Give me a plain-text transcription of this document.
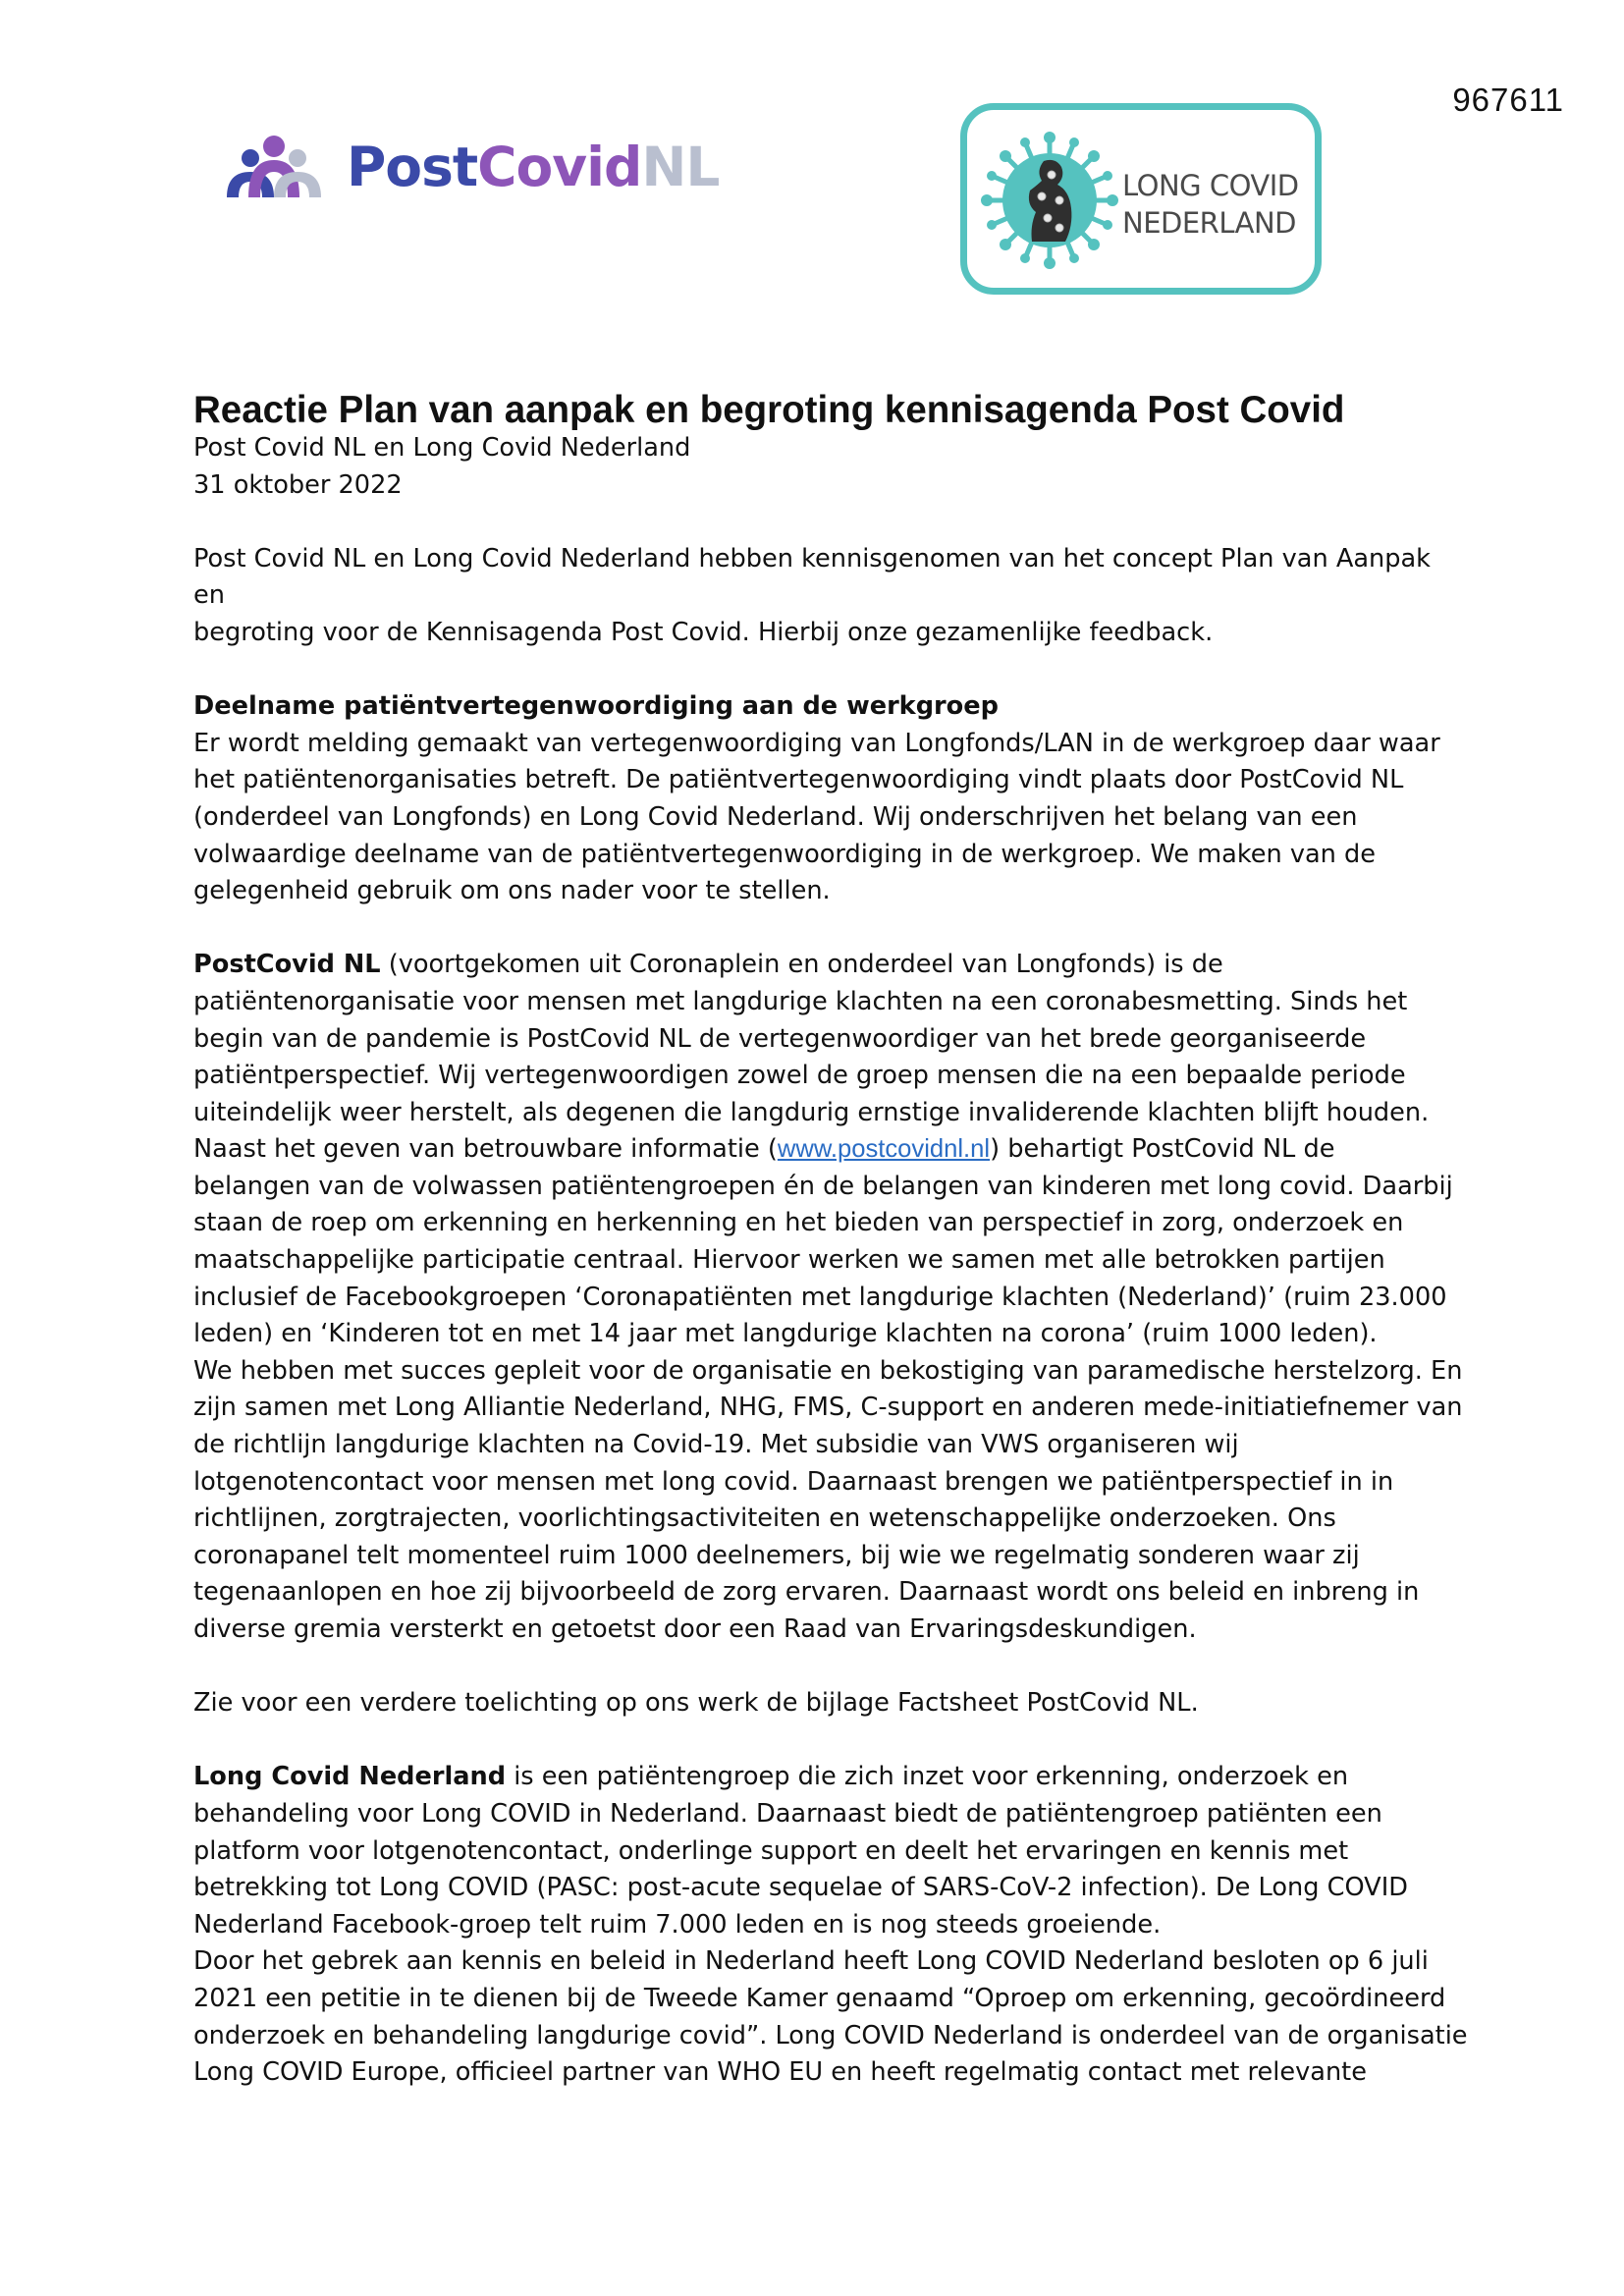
967611
PostCovidNL	LONG COVID
NEDERLAND
Reactie Plan van aanpak en begroting kennisagenda Post Covid

Post Covid NL en Long Covid Nederland
31 oktober 2022

Post Covid NL en Long Covid Nederland hebben kennisgenomen van het concept Plan van Aanpak en
begroting voor de Kennisagenda Post Covid. Hierbij onze gezamenlijke feedback.

Deelname patiëntvertegenwoordiging aan de werkgroep
Er wordt melding gemaakt van vertegenwoordiging van Longfonds/LAN in de werkgroep daar waar
het patiëntenorganisaties betreft. De patiëntvertegenwoordiging vindt plaats door PostCovid NL
(onderdeel van Longfonds) en Long Covid Nederland. Wij onderschrijven het belang van een
volwaardige deelname van de patiëntvertegenwoordiging in de werkgroep. We maken van de
gelegenheid gebruik om ons nader voor te stellen.

PostCovid NL (voortgekomen uit Coronaplein en onderdeel van Longfonds) is de
patiëntenorganisatie voor mensen met langdurige klachten na een coronabesmetting. Sinds het
begin van de pandemie is PostCovid NL de vertegenwoordiger van het brede georganiseerde
patiëntperspectief. Wij vertegenwoordigen zowel de groep mensen die na een bepaalde periode
uiteindelijk weer herstelt, als degenen die langdurig ernstige invaliderende klachten blijft houden.
Naast het geven van betrouwbare informatie (www.postcovidnl.nl) behartigt PostCovid NL de
belangen van de volwassen patiëntengroepen én de belangen van kinderen met long covid. Daarbij
staan de roep om erkenning en herkenning en het bieden van perspectief in zorg, onderzoek en
maatschappelijke participatie centraal. Hiervoor werken we samen met alle betrokken partijen
inclusief de Facebookgroepen ‘Coronapatiënten met langdurige klachten (Nederland)’ (ruim 23.000
leden) en ‘Kinderen tot en met 14 jaar met langdurige klachten na corona’ (ruim 1000 leden).
We hebben met succes gepleit voor de organisatie en bekostiging van paramedische herstelzorg. En
zijn samen met Long Alliantie Nederland, NHG, FMS, C-support en anderen mede-initiatiefnemer van
de richtlijn langdurige klachten na Covid-19. Met subsidie van VWS organiseren wij
lotgenotencontact voor mensen met long covid. Daarnaast brengen we patiëntperspectief in in
richtlijnen, zorgtrajecten, voorlichtingsactiviteiten en wetenschappelijke onderzoeken. Ons
coronapanel telt momenteel ruim 1000 deelnemers, bij wie we regelmatig sonderen waar zij
tegenaanlopen en hoe zij bijvoorbeeld de zorg ervaren. Daarnaast wordt ons beleid en inbreng in
diverse gremia versterkt en getoetst door een Raad van Ervaringsdeskundigen.

Zie voor een verdere toelichting op ons werk de bijlage Factsheet PostCovid NL.

Long Covid Nederland is een patiëntengroep die zich inzet voor erkenning, onderzoek en
behandeling voor Long COVID in Nederland. Daarnaast biedt de patiëntengroep patiënten een
platform voor lotgenotencontact, onderlinge support en deelt het ervaringen en kennis met
betrekking tot Long COVID (PASC: post-acute sequelae of SARS-CoV-2 infection). De Long COVID
Nederland Facebook-groep telt ruim 7.000 leden en is nog steeds groeiende.
Door het gebrek aan kennis en beleid in Nederland heeft Long COVID Nederland besloten op 6 juli
2021 een petitie in te dienen bij de Tweede Kamer genaamd “Oproep om erkenning, gecoördineerd
onderzoek en behandeling langdurige covid”. Long COVID Nederland is onderdeel van de organisatie
Long COVID Europe, officieel partner van WHO EU en heeft regelmatig contact met relevante
